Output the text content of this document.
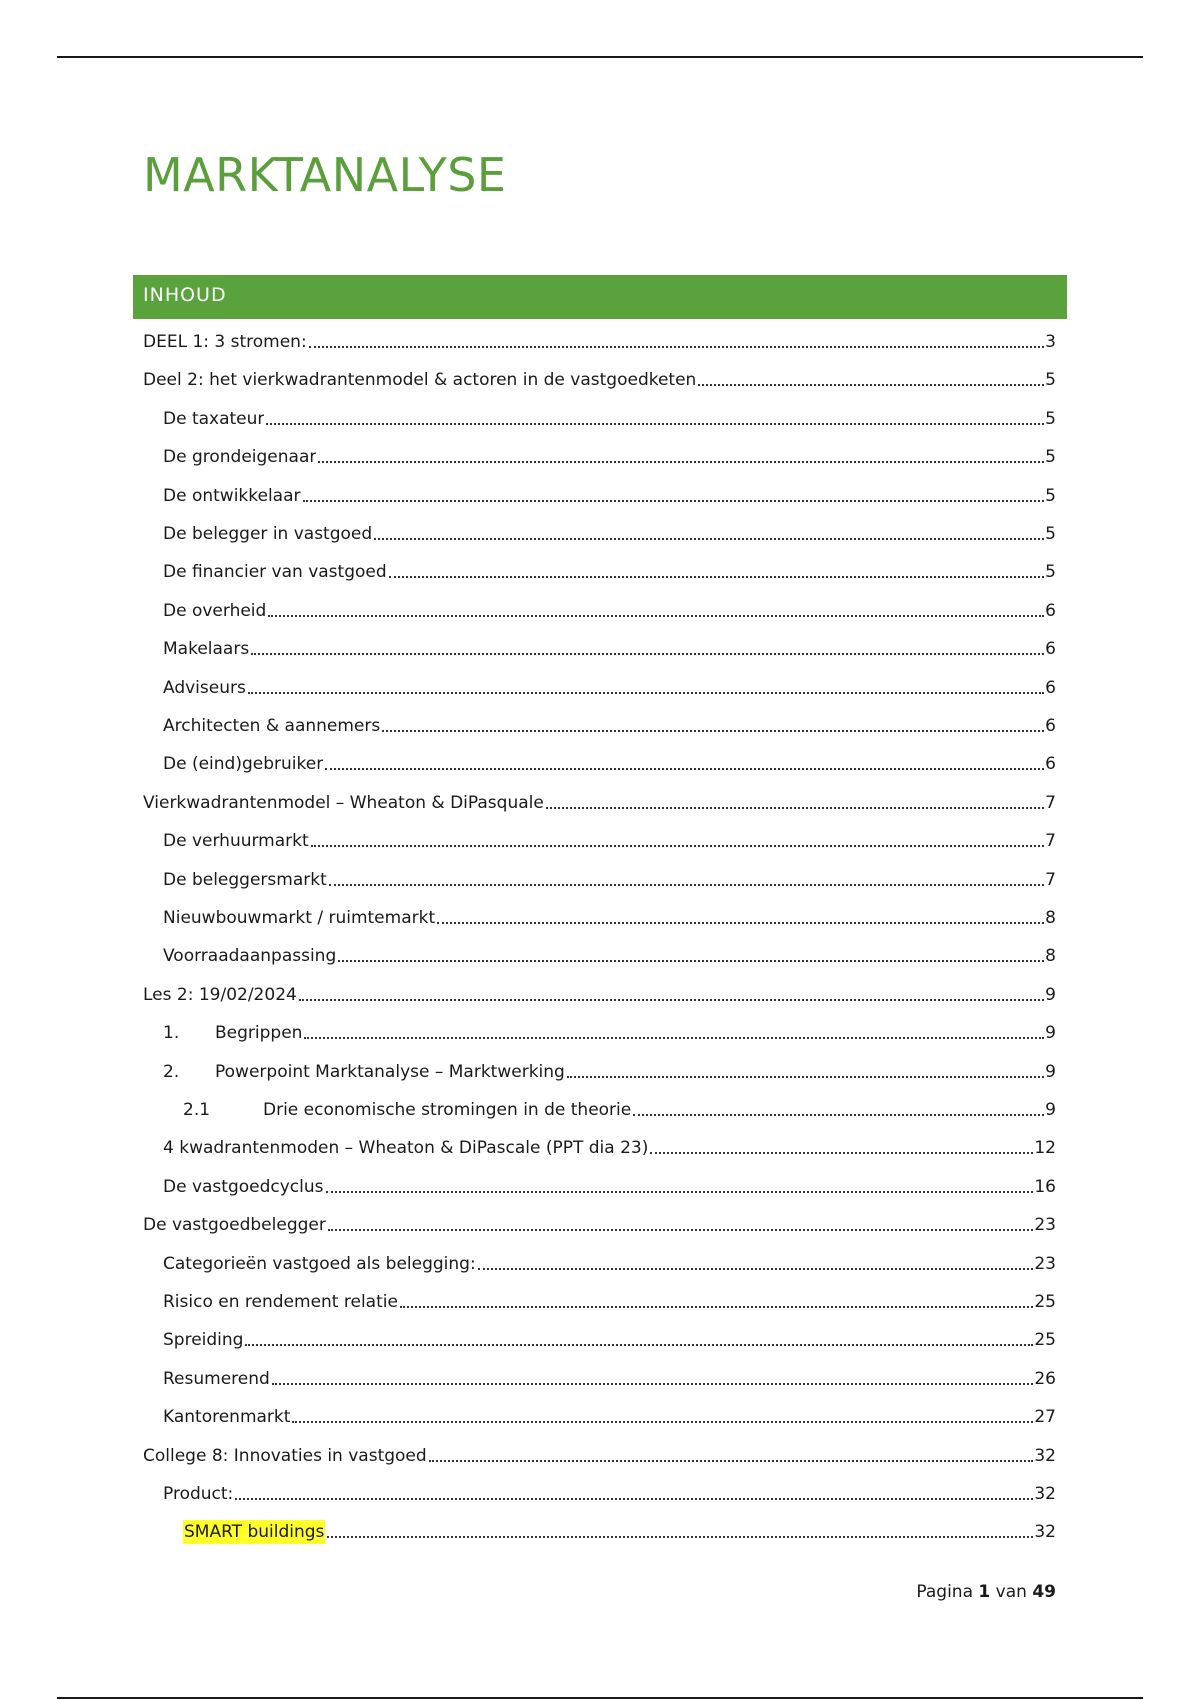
MARKTANALYSE
INHOUD
DEEL 1: 3 stromen:	3
Deel 2: het vierkwadrantenmodel & actoren in de vastgoedketen	5
De taxateur	5
De grondeigenaar	5
De ontwikkelaar	5
De belegger in vastgoed	5
De financier van vastgoed	5
De overheid	6
Makelaars	6
Adviseurs	6
Architecten & aannemers	6
De (eind)gebruiker	6
Vierkwadrantenmodel – Wheaton & DiPasquale	7
De verhuurmarkt	7
De beleggersmarkt	7
Nieuwbouwmarkt / ruimtemarkt	8
Voorraadaanpassing	8
Les 2: 19/02/2024	9
1.	Begrippen	9
2.	Powerpoint Marktanalyse – Marktwerking	9
2.1	Drie economische stromingen in de theorie	9
4 kwadrantenmoden – Wheaton & DiPascale (PPT dia 23)	12
De vastgoedcyclus	16
De vastgoedbelegger	23
Categorieën vastgoed als belegging:	23
Risico en rendement relatie	25
Spreiding	25
Resumerend	26
Kantorenmarkt	27
College 8: Innovaties in vastgoed	32
Product:	32
SMART buildings	32
Pagina 1 van 49
